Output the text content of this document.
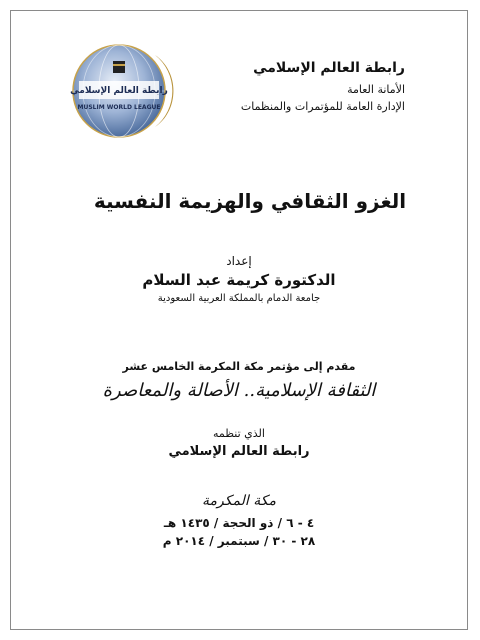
رابطة العالم الإسلامي
MUSLIM WORLD LEAGUE
رابطة العالم الإسلامي
الأمانة العامة
الإدارة العامة للمؤتمرات والمنظمات
الغزو الثقافي والهزيمة النفسية
إعداد
الدكتورة كريمة عبد السلام
جامعة الدمام بالمملكة العربية السعودية
مقدم إلى مؤتمر مكة المكرمة الخامس عشر
الثقافة الإسلامية.. الأصالة والمعاصرة
الذي تنظمه
رابطة العالم الإسلامي
مكة المكرمة
٤ - ٦ / ذو الحجة / ١٤٣٥ هـ
٢٨ - ٣٠ / سبتمبر / ٢٠١٤ م
